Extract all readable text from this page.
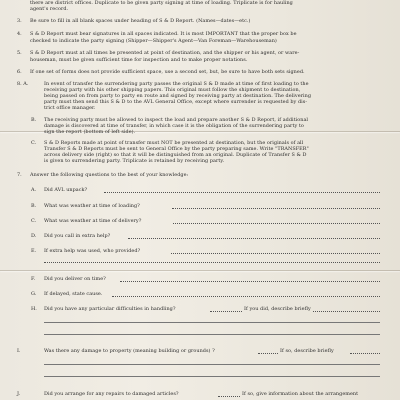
there are district offices. Duplicate to be given party signing at time of loading. Triplicate is for hauling
agent's record.
3. Be sure to fill in all blank spaces under heading of S & D Report. (Names—dates—etc.)
4. S & D Report must bear signatures in all spaces indicated. It is most IMPORTANT that the proper box be
checked to indicate the party signing (Shipper—Shipper's Agent—Van Foreman—Warehouseman)
5. S & D Report must at all times be presented at point of destination, and the shipper or his agent, or ware-
houseman, must be given sufficient time for inspection and to make proper notations.
6. If one set of forms does not provide sufficient space, use a second set, but, be sure to have both sets signed.
8. A.	In event of transfer the surrendering party passes the original S & D made at time of first loading to the
receiving party with his other shipping papers. This original must follow the shipment to destination,
being passed on from party to party en route and signed by receiving party at destination. The delivering
party must then send this S & D to the AVL General Office, except where surrender is requested by dis-
trict office manager.
B. The receiving party must be allowed to inspect the load and prepare another S & D Report, if additional
damage is discovered at time of transfer, in which case it is the obligation of the surrendering party to
sign the report (bottom of left side).
C. S & D Reports made at point of transfer must NOT be presented at destination, but the originals of all
Transfer S & D Reports must be sent to General Office by the party preparing same. Write "TRANSFER"
across delivery side (right) so that it will be distinguished from an original. Duplicate of Transfer S & D
is given to surrendering party. Triplicate is retained by receiving party.
7. Answer the following questions to the best of your knowledge:
A. Did AVL unpack?
B. What was weather at time of loading?
C. What was weather at time of delivery?
D. Did you call in extra help?
E. If extra help was used, who provided?
F. Did you deliver on time?
G. If delayed, state cause.
H. Did you have any particular difficulties in handling?	If you did, describe briefly
I.	Was there any damage to property (meaning building or grounds) ?	If so, describe briefly
J.	Did you arrange for any repairs to damaged articles?	If so, give information about the arrangement
